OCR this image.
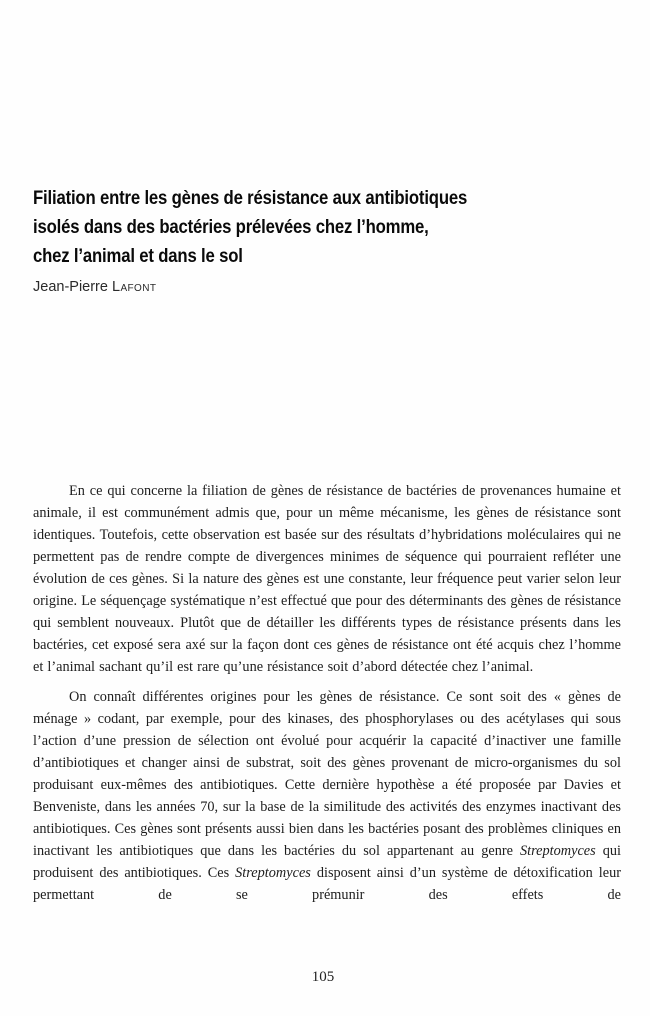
Filiation entre les gènes de résistance aux antibiotiques
isolés dans des bactéries prélevées chez l’homme,
chez l’animal et dans le sol
Jean-Pierre Lafont

En ce qui concerne la filiation de gènes de résistance de bactéries de provenances humaine et animale, il est communément admis que, pour un même mécanisme, les gènes de résistance sont identiques. Toutefois, cette observation est basée sur des résultats d’hybridations moléculaires qui ne permettent pas de rendre compte de divergences minimes de séquence qui pourraient refléter une évolution de ces gènes. Si la nature des gènes est une constante, leur fréquence peut varier selon leur origine. Le séquençage systématique n’est effectué que pour des déterminants des gènes de résistance qui semblent nouveaux. Plutôt que de détailler les différents types de résistance présents dans les bactéries, cet exposé sera axé sur la façon dont ces gènes de résistance ont été acquis chez l’homme et l’animal sachant qu’il est rare qu’une résistance soit d’abord détectée chez l’animal.

On connaît différentes origines pour les gènes de résistance. Ce sont soit des « gènes de ménage » codant, par exemple, pour des kinases, des phosphorylases ou des acétylases qui sous l’action d’une pression de sélection ont évolué pour acquérir la capacité d’inactiver une famille d’antibiotiques et changer ainsi de substrat, soit des gènes provenant de micro-organismes du sol produisant eux-mêmes des antibiotiques. Cette dernière hypothèse a été proposée par Davies et Benveniste, dans les années 70, sur la base de la similitude des activités des enzymes inactivant des antibiotiques. Ces gènes sont présents aussi bien dans les bactéries posant des problèmes cliniques en inactivant les antibiotiques que dans les bactéries du sol appartenant au genre Streptomyces qui produisent des antibiotiques. Ces Streptomyces disposent ainsi d’un système de détoxification leur permettant de se prémunir des effets de

105
